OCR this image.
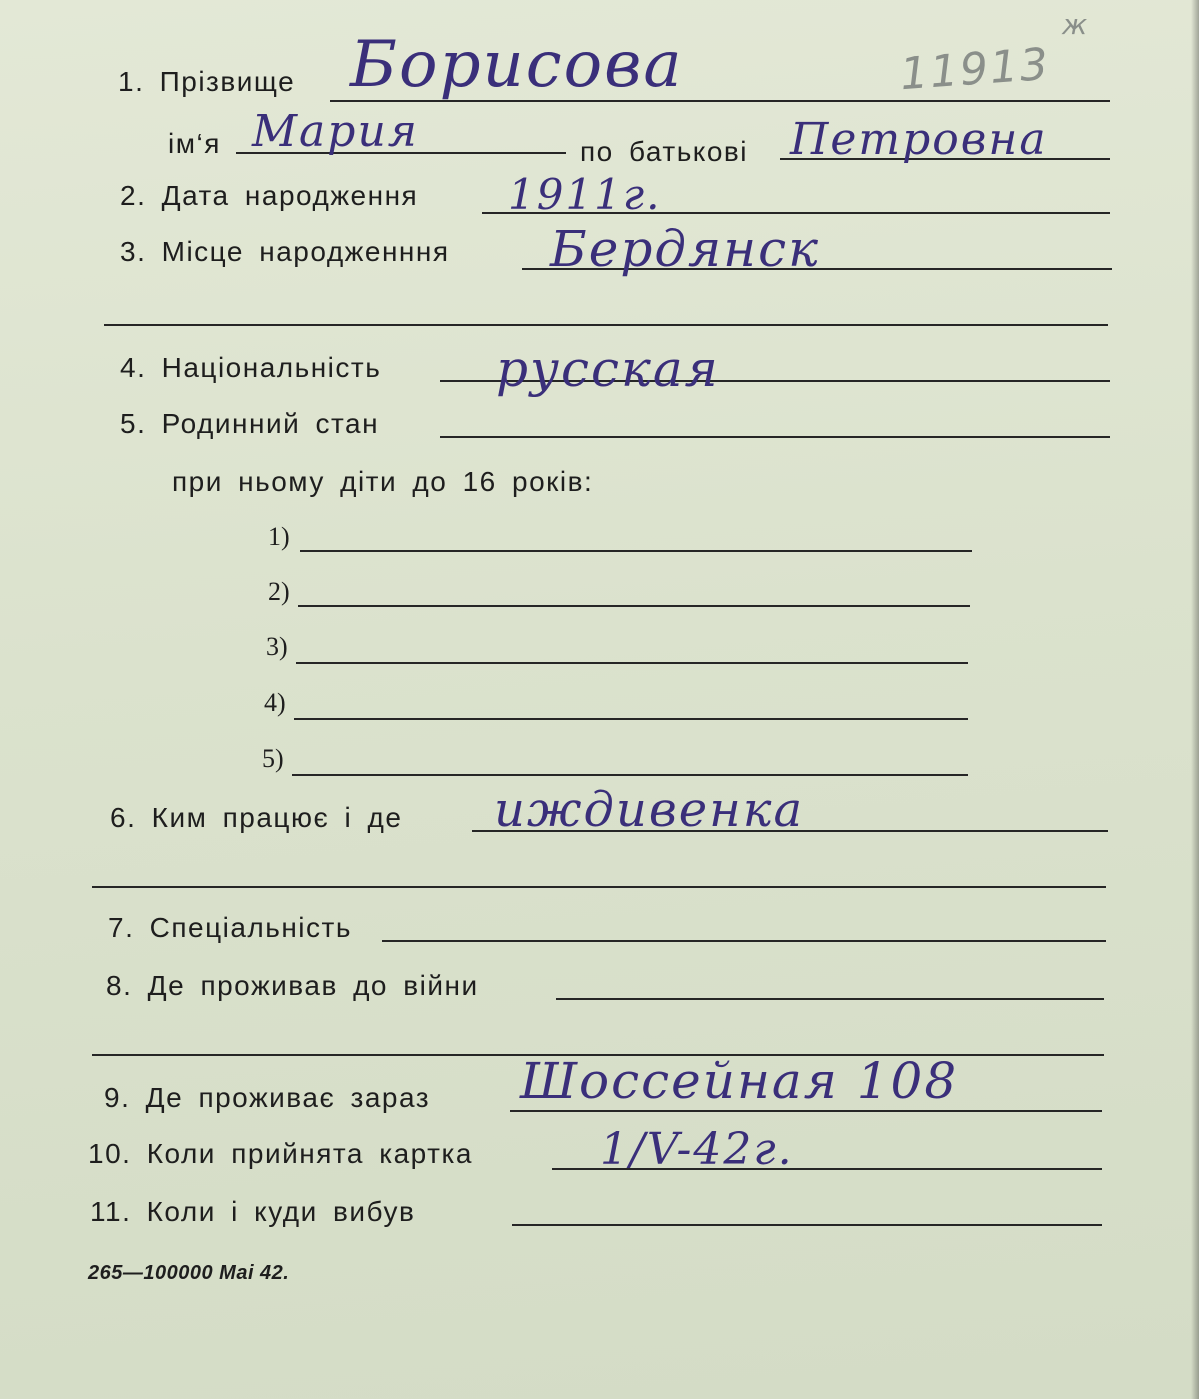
1. Прізвище Борисова	11913
ж
ім‘я Мария	по батькові Петровна
2. Дата народження 1911г.
3. Місце народженння Бердянск
4. Національність русская
5. Родинний стан
при ньому діти до 16 років:
1)
2)
3)
4)
5)
6. Ким працює і де иждивенка
7. Спеціальність
8. Де проживав до війни
9. Де проживає зараз Шоссейная 108
10. Коли прийнята картка	1/V-42г.
11. Коли і куди вибув
265—100000 Mai 42.
